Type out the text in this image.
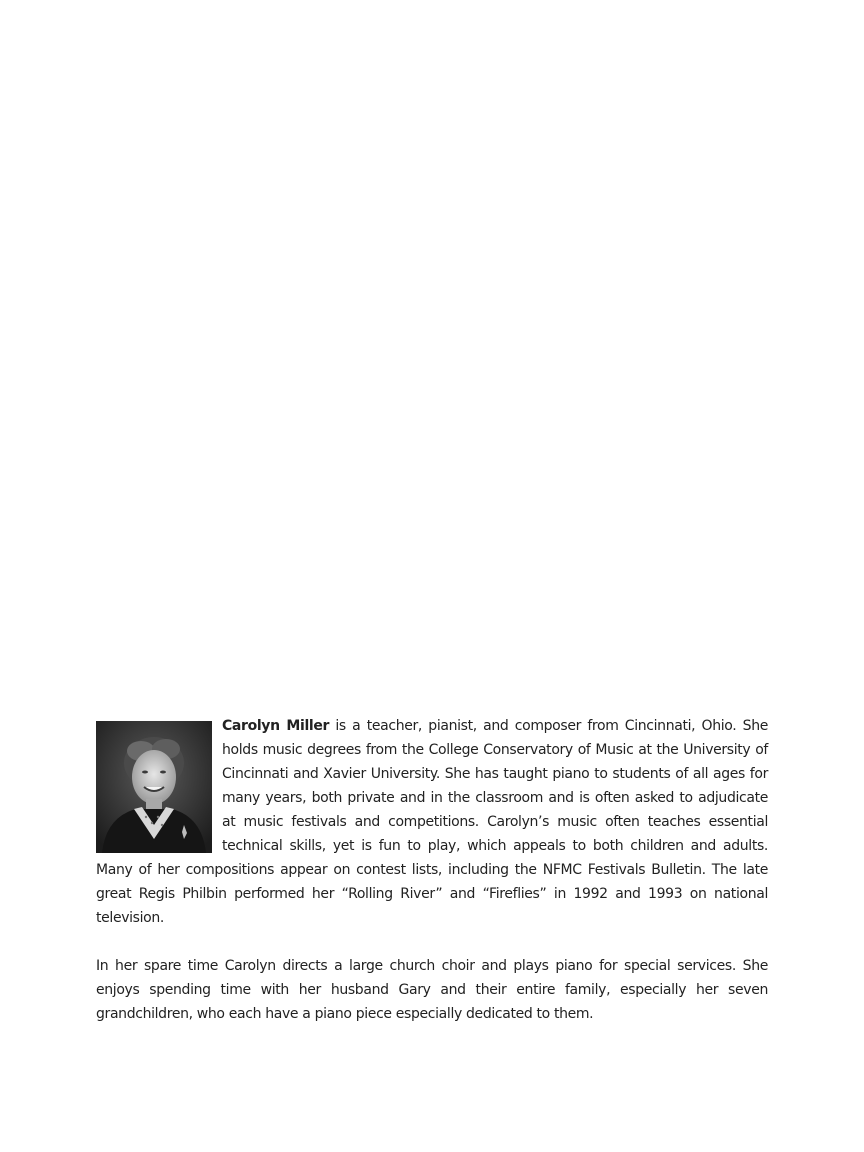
Carolyn Miller is a teacher, pianist, and composer from Cincinnati, Ohio. She holds music degrees from the College Conservatory of Music at the University of Cincinnati and Xavier University. She has taught piano to students of all ages for many years, both private and in the classroom and is often asked to adjudicate at music festivals and competitions. Carolyn’s music often teaches essential technical skills, yet is fun to play, which appeals to both children and adults. Many of her compositions appear on contest lists, including the NFMC Festivals Bulletin. The late great Regis Philbin performed her “Rolling River” and “Fireflies” in 1992 and 1993 on national television.

In her spare time Carolyn directs a large church choir and plays piano for special services. She enjoys spending time with her husband Gary and their entire family, especially her seven grandchildren, who each have a piano piece especially dedicated to them.
